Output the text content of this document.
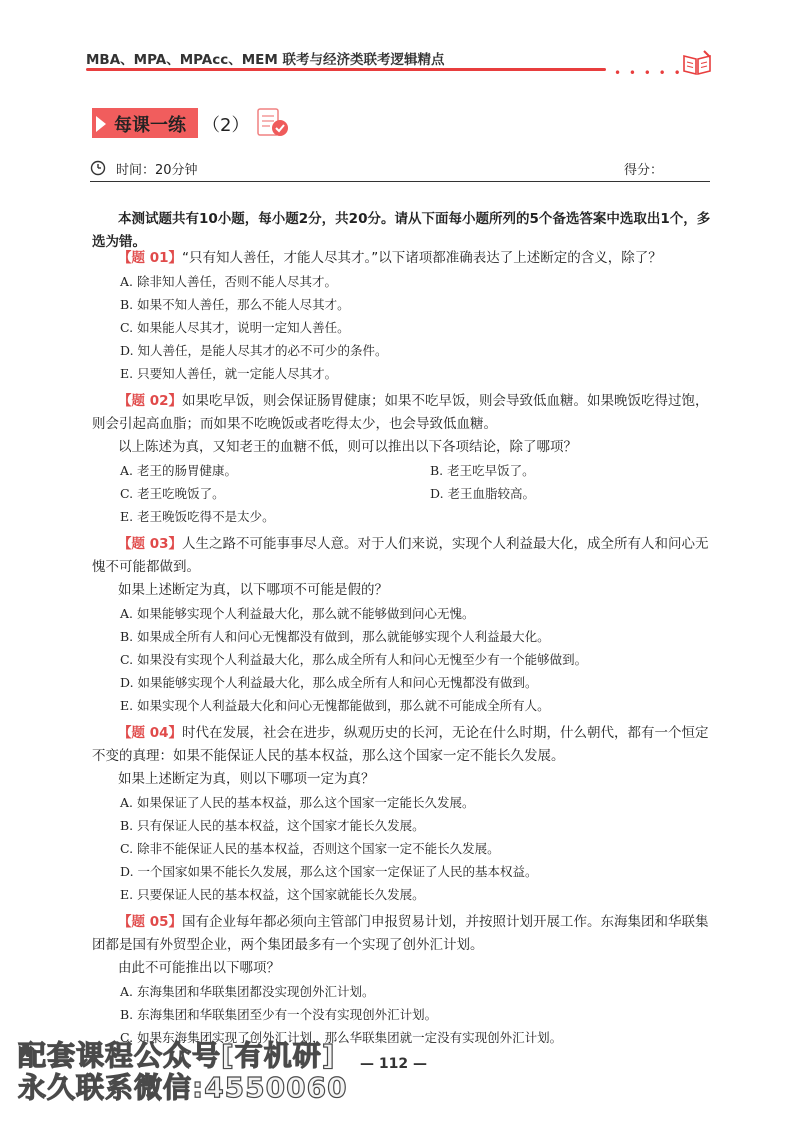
MBA、MPA、MPAcc、MEM 联考与经济类联考逻辑精点
• • • • •
每课一练 （2）
时间：20分钟	得分：

本测试题共有10小题，每小题2分，共20分。请从下面每小题所列的5个备选答案中选取出1个，多选为错。

【题 01】“只有知人善任，才能人尽其才。”以下诸项都准确表达了上述断定的含义，除了？

A. 除非知人善任，否则不能人尽其才。
B. 如果不知人善任，那么不能人尽其才。
C. 如果能人尽其才，说明一定知人善任。
D. 知人善任，是能人尽其才的必不可少的条件。
E. 只要知人善任，就一定能人尽其才。

【题 02】如果吃早饭，则会保证肠胃健康；如果不吃早饭，则会导致低血糖。如果晚饭吃得过饱，则会引起高血脂；而如果不吃晚饭或者吃得太少，也会导致低血糖。

以上陈述为真，又知老王的血糖不低，则可以推出以下各项结论，除了哪项？

A. 老王的肠胃健康。	B. 老王吃早饭了。
C. 老王吃晚饭了。	D. 老王血脂较高。
E. 老王晚饭吃得不是太少。

【题 03】人生之路不可能事事尽人意。对于人们来说，实现个人利益最大化，成全所有人和问心无愧不可能都做到。

如果上述断定为真，以下哪项不可能是假的？

A. 如果能够实现个人利益最大化，那么就不能够做到问心无愧。
B. 如果成全所有人和问心无愧都没有做到，那么就能够实现个人利益最大化。
C. 如果没有实现个人利益最大化，那么成全所有人和问心无愧至少有一个能够做到。
D. 如果能够实现个人利益最大化，那么成全所有人和问心无愧都没有做到。
E. 如果实现个人利益最大化和问心无愧都能做到，那么就不可能成全所有人。

【题 04】时代在发展，社会在进步，纵观历史的长河，无论在什么时期，什么朝代，都有一个恒定不变的真理：如果不能保证人民的基本权益，那么这个国家一定不能长久发展。

如果上述断定为真，则以下哪项一定为真？

A. 如果保证了人民的基本权益，那么这个国家一定能长久发展。
B. 只有保证人民的基本权益，这个国家才能长久发展。
C. 除非不能保证人民的基本权益，否则这个国家一定不能长久发展。
D. 一个国家如果不能长久发展，那么这个国家一定保证了人民的基本权益。
E. 只要保证人民的基本权益，这个国家就能长久发展。

【题 05】国有企业每年都必须向主管部门申报贸易计划，并按照计划开展工作。东海集团和华联集团都是国有外贸型企业，两个集团最多有一个实现了创外汇计划。

由此不可能推出以下哪项？

A. 东海集团和华联集团都没实现创外汇计划。
B. 东海集团和华联集团至少有一个没有实现创外汇计划。
C. 如果东海集团实现了创外汇计划，那么华联集团就一定没有实现创外汇计划。
— 112 —
配套课程公众号[有机研]
永久联系微信:4550060
